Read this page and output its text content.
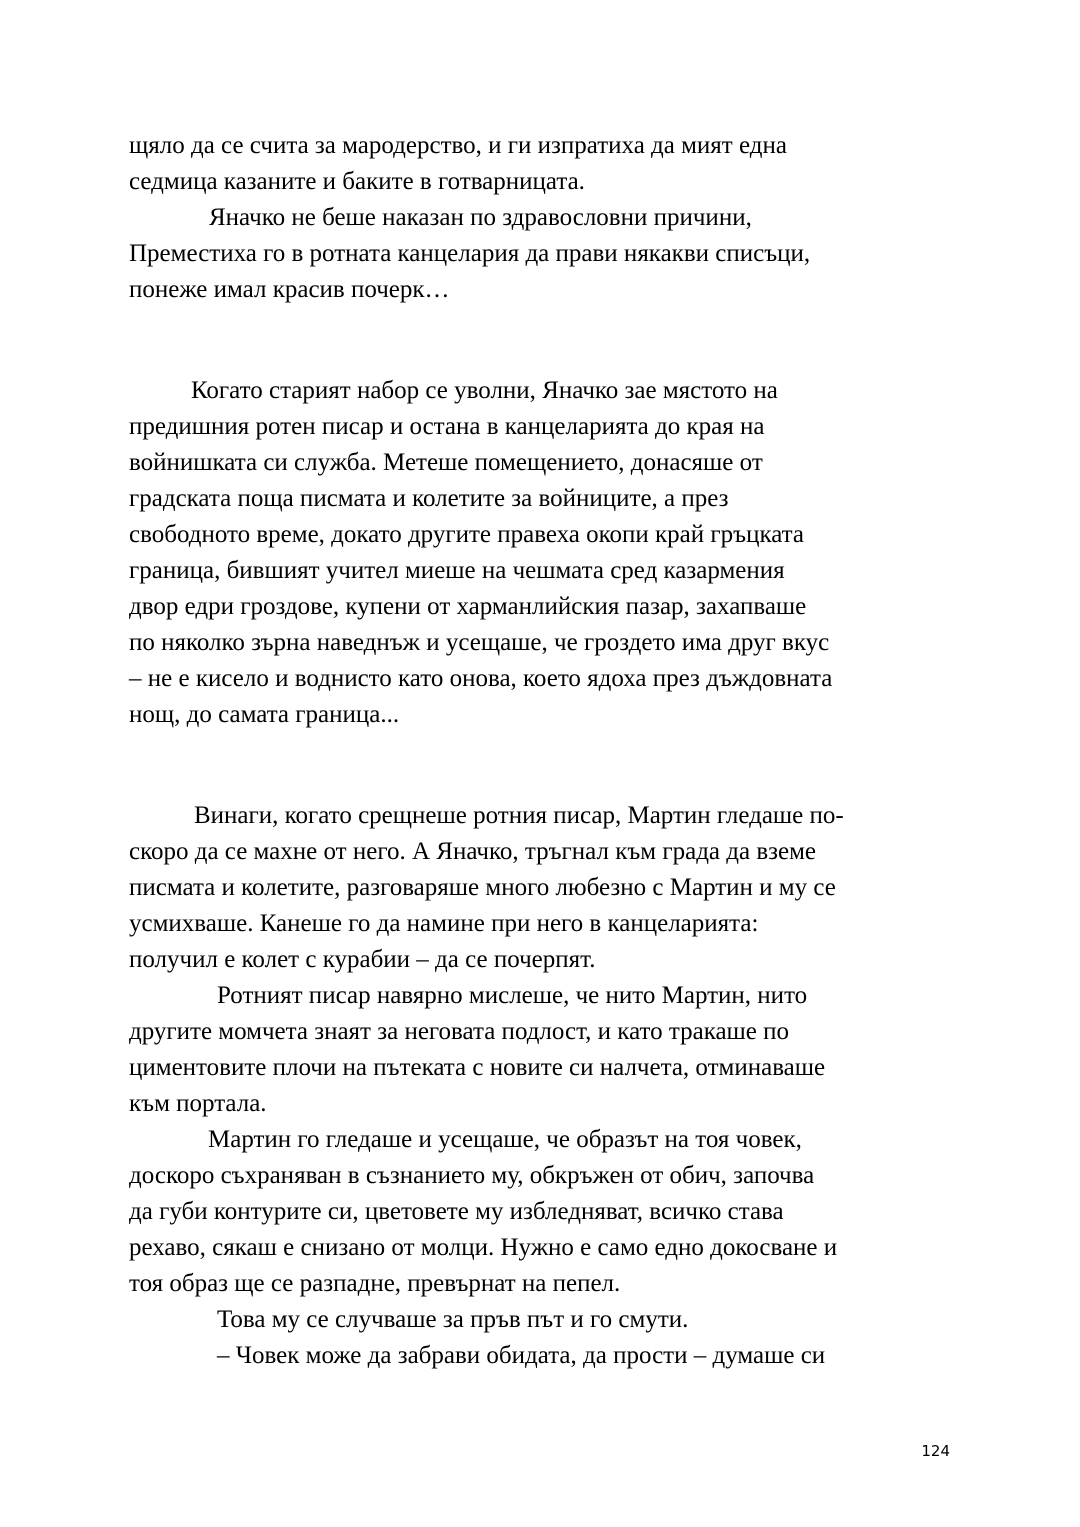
щяло да се счита за мародерство, и ги изпратиха да мият една
седмица казаните и баките в готварницата.
Яначко не беше наказан по здравословни причини,
Преместиха го в ротната канцелария да прави някакви списъци,
понеже имал красив почерк…
Когато старият набор се уволни, Яначко зае мястото на
предишния ротен писар и остана в канцеларията до края на
войнишката си служба. Метеше помещението, донасяше от
градската поща писмата и колетите за войниците, а през
свободното време, докато другите правеха окопи край гръцката
граница, бившият учител миеше на чешмата сред казармения
двор едри гроздове, купени от харманлийския пазар, захапваше
по няколко зърна наведнъж и усещаше, че гроздето има друг вкус
– не е кисело и воднисто като онова, което ядоха през дъждовната
нощ, до самата граница...
Винаги, когато срещнеше ротния писар, Мартин гледаше по-
скоро да се махне от него. А Яначко, тръгнал към града да вземе
писмата и колетите, разговаряше много любезно с Мартин и му се
усмихваше. Канеше го да намине при него в канцеларията:
получил е колет с курабии – да се почерпят.
Ротният писар навярно мислеше, че нито Мартин, нито
другите момчета знаят за неговата подлост, и като тракаше по
циментовите плочи на пътеката с новите си налчета, отминаваше
към портала.
Мартин го гледаше и усещаше, че образът на тоя човек,
доскоро съхраняван в съзнанието му, обкръжен от обич, започва
да губи контурите си, цветовете му избледняват, всичко става
рехаво, сякаш е снизано от молци. Нужно е само едно докосване и
тоя образ ще се разпадне, превърнат на пепел.
Това му се случваше за пръв път и го смути.
– Човек може да забрави обидата, да прости – думаше си
124
